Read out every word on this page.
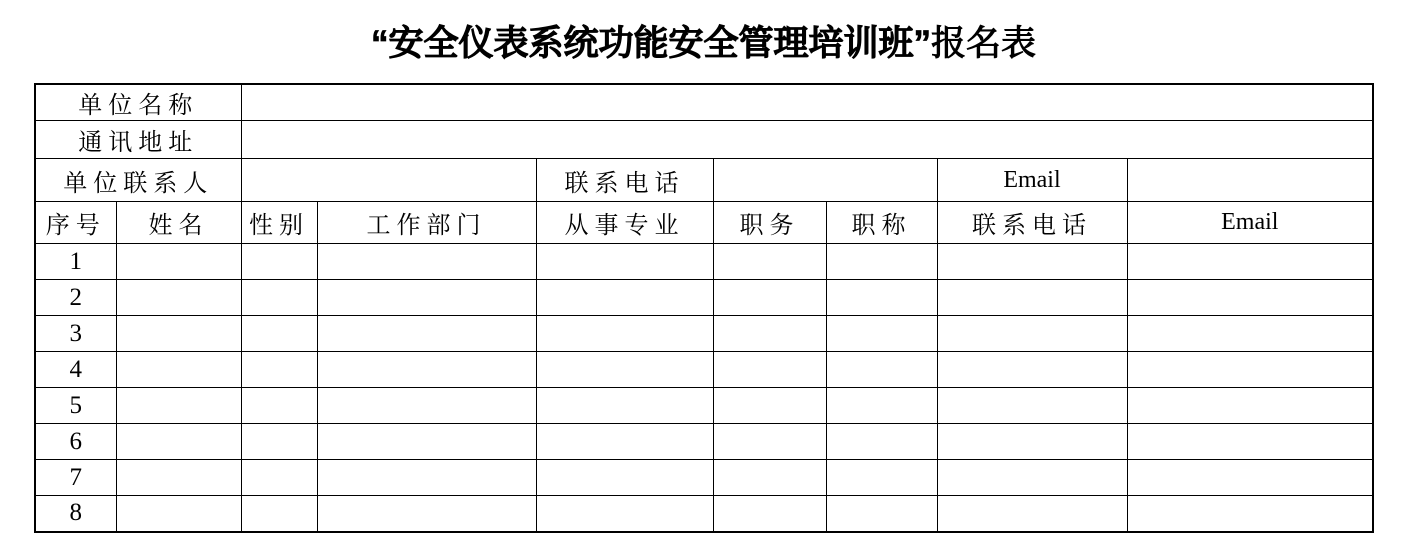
“安全仪表系统功能安全管理培训班”报名表
单位名称								
通讯地址								
单位联系人				联系电话			Email	
序号	姓名	性别	工作部门	从事专业	职务	职称	联系电话	Email
1								
2								
3								
4								
5								
6								
7								
8								
